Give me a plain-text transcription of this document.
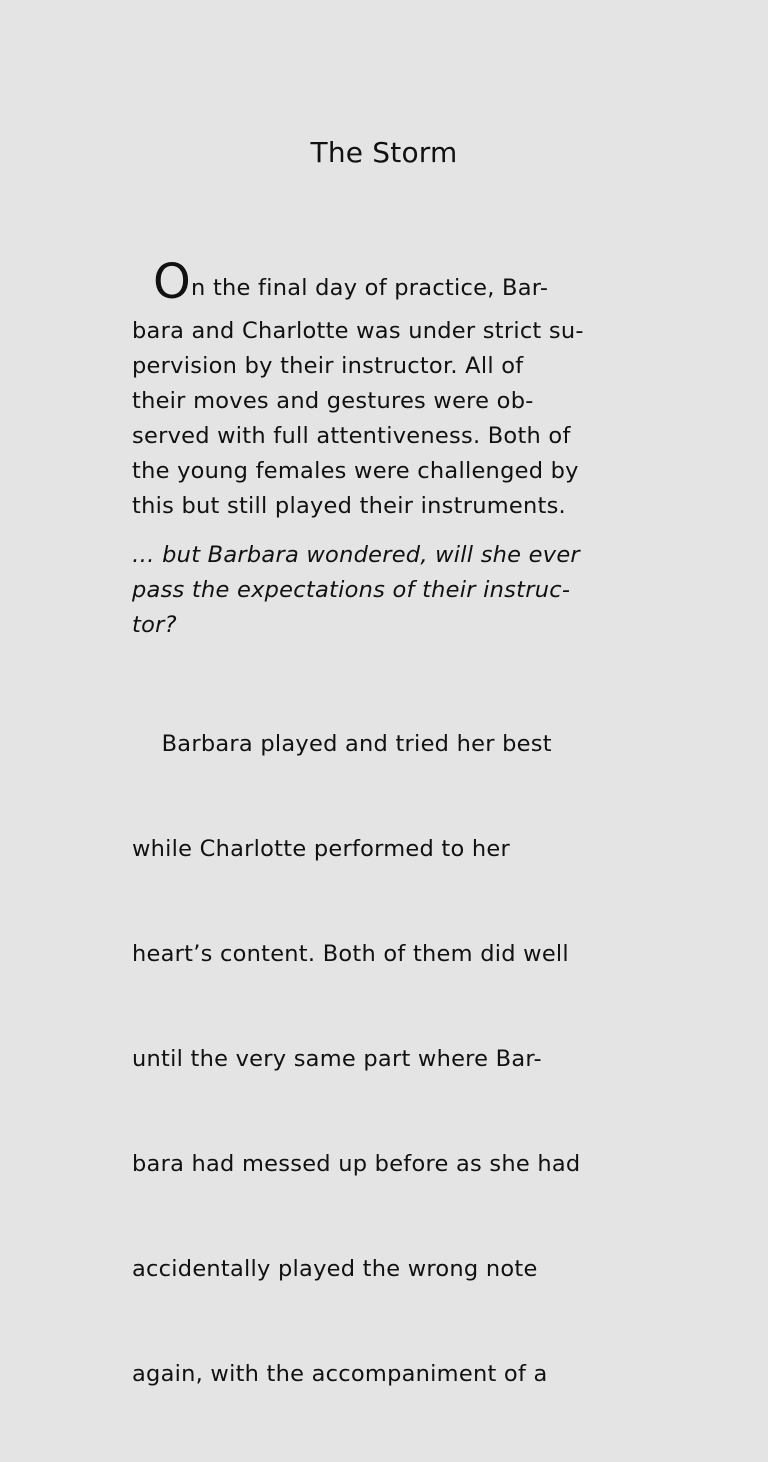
The Storm
On the final day of practice, Bar-
bara and Charlotte was under strict su-
pervision by their instructor. All of
their moves and gestures were ob-
served with full attentiveness. Both of
the young females were challenged by
this but still played their instruments.
… but Barbara wondered, will she ever
pass the expectations of their instruc-
tor?

Barbara played and tried her best

while Charlotte performed to her

heart’s content. Both of them did well

until the very same part where Bar-

bara had messed up before as she had

accidentally played the wrong note

again, with the accompaniment of a
